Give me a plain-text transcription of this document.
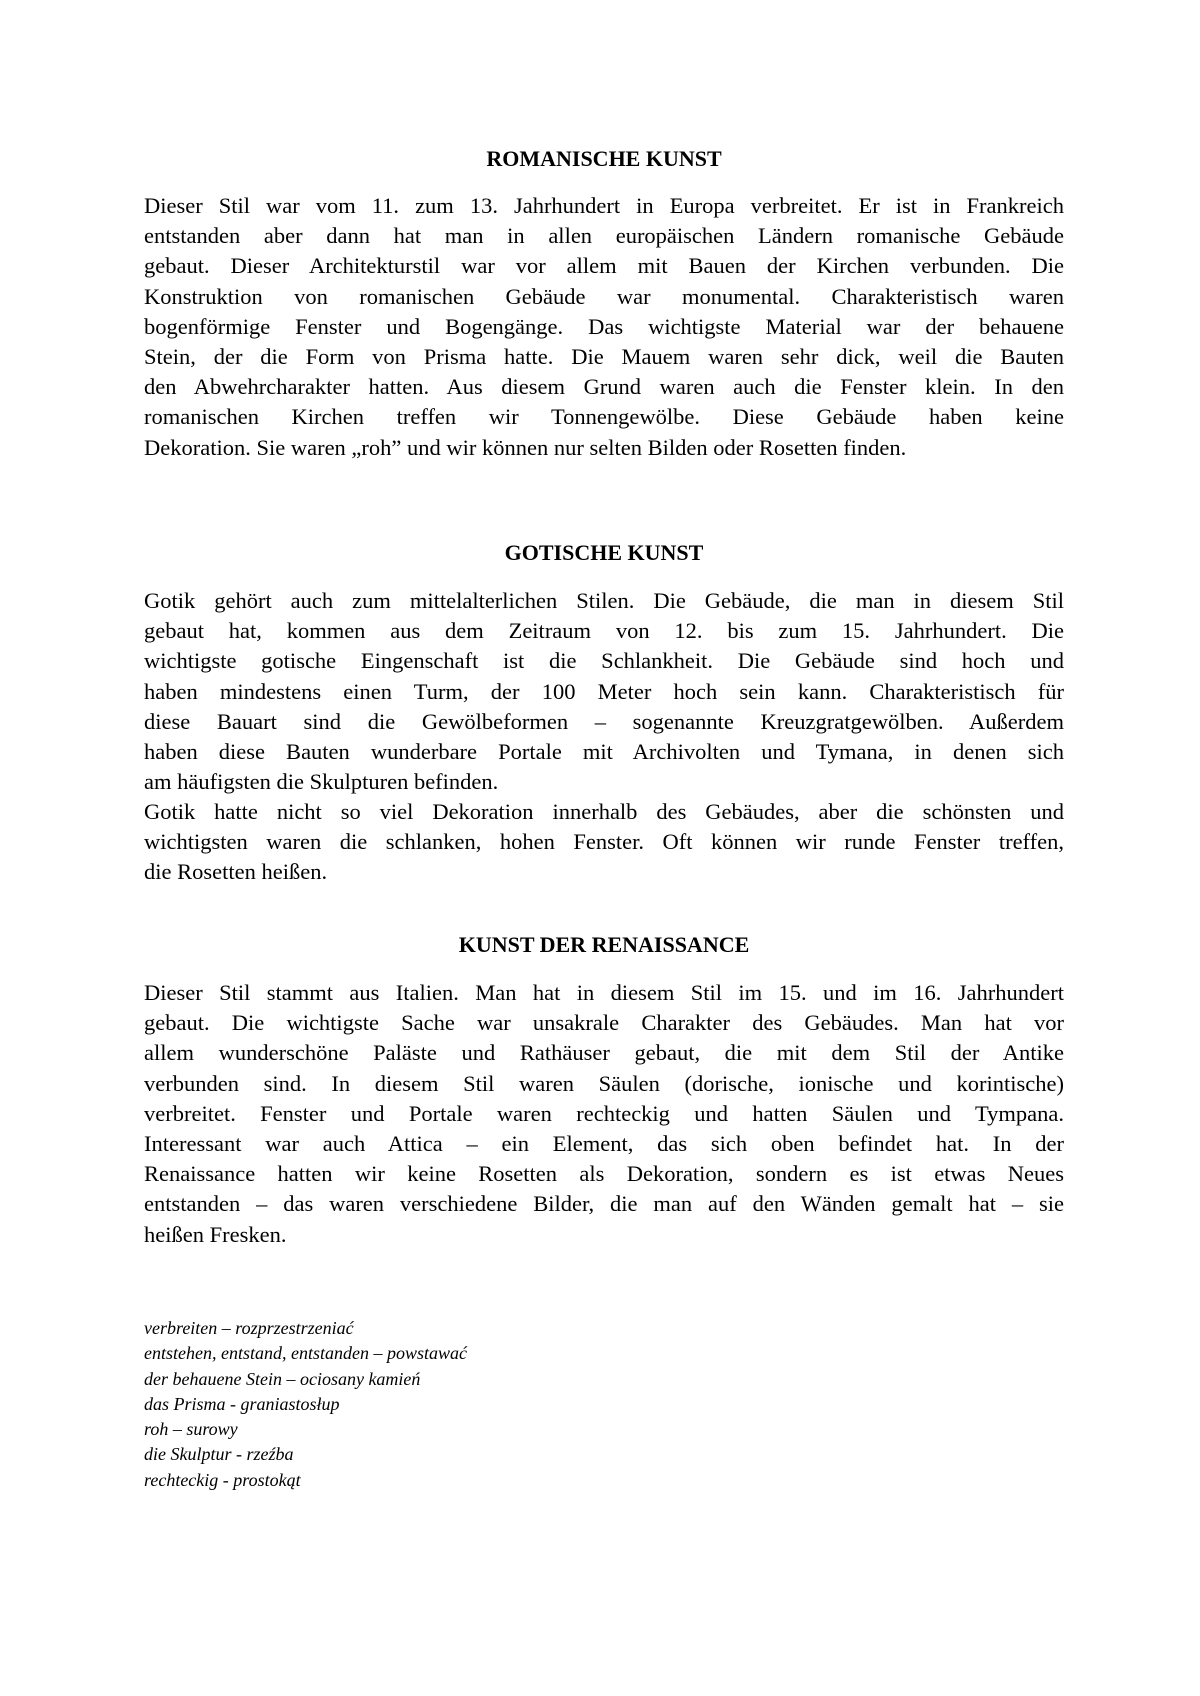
ROMANISCHE KUNST

Dieser Stil war vom 11. zum 13. Jahrhundert in Europa verbreitet. Er ist in Frankreich
entstanden aber dann hat man in allen europäischen Ländern romanische Gebäude
gebaut. Dieser Architekturstil war vor allem mit Bauen der Kirchen verbunden. Die
Konstruktion von romanischen Gebäude war monumental. Charakteristisch waren
bogenförmige Fenster und Bogengänge. Das wichtigste Material war der behauene
Stein, der die Form von Prisma hatte. Die Mauem waren sehr dick, weil die Bauten
den Abwehrcharakter hatten. Aus diesem Grund waren auch die Fenster klein. In den
romanischen Kirchen treffen wir Tonnengewölbe. Diese Gebäude haben keine
Dekoration. Sie waren „roh” und wir können nur selten Bilden oder Rosetten finden.

GOTISCHE KUNST

Gotik gehört auch zum mittelalterlichen Stilen. Die Gebäude, die man in diesem Stil
gebaut hat, kommen aus dem Zeitraum von 12. bis zum 15. Jahrhundert. Die
wichtigste gotische Eingenschaft ist die Schlankheit. Die Gebäude sind hoch und
haben mindestens einen Turm, der 100 Meter hoch sein kann. Charakteristisch für
diese Bauart sind die Gewölbeformen – sogenannte Kreuzgratgewölben. Außerdem
haben diese Bauten wunderbare Portale mit Archivolten und Tymana, in denen sich
am häufigsten die Skulpturen befinden.

Gotik hatte nicht so viel Dekoration innerhalb des Gebäudes, aber die schönsten und
wichtigsten waren die schlanken, hohen Fenster. Oft können wir runde Fenster treffen,
die Rosetten heißen.

KUNST DER RENAISSANCE

Dieser Stil stammt aus Italien. Man hat in diesem Stil im 15. und im 16. Jahrhundert
gebaut. Die wichtigste Sache war unsakrale Charakter des Gebäudes. Man hat vor
allem wunderschöne Paläste und Rathäuser gebaut, die mit dem Stil der Antike
verbunden sind. In diesem Stil waren Säulen (dorische, ionische und korintische)
verbreitet. Fenster und Portale waren rechteckig und hatten Säulen und Tympana.
Interessant war auch Attica – ein Element, das sich oben befindet hat. In der
Renaissance hatten wir keine Rosetten als Dekoration, sondern es ist etwas Neues
entstanden – das waren verschiedene Bilder, die man auf den Wänden gemalt hat – sie
heißen Fresken.

verbreiten – rozprzestrzeniać
entstehen, entstand, entstanden – powstawać
der behauene Stein – ociosany kamień
das Prisma - graniastosłup
roh – surowy
die Skulptur - rzeźba
rechteckig - prostokąt
